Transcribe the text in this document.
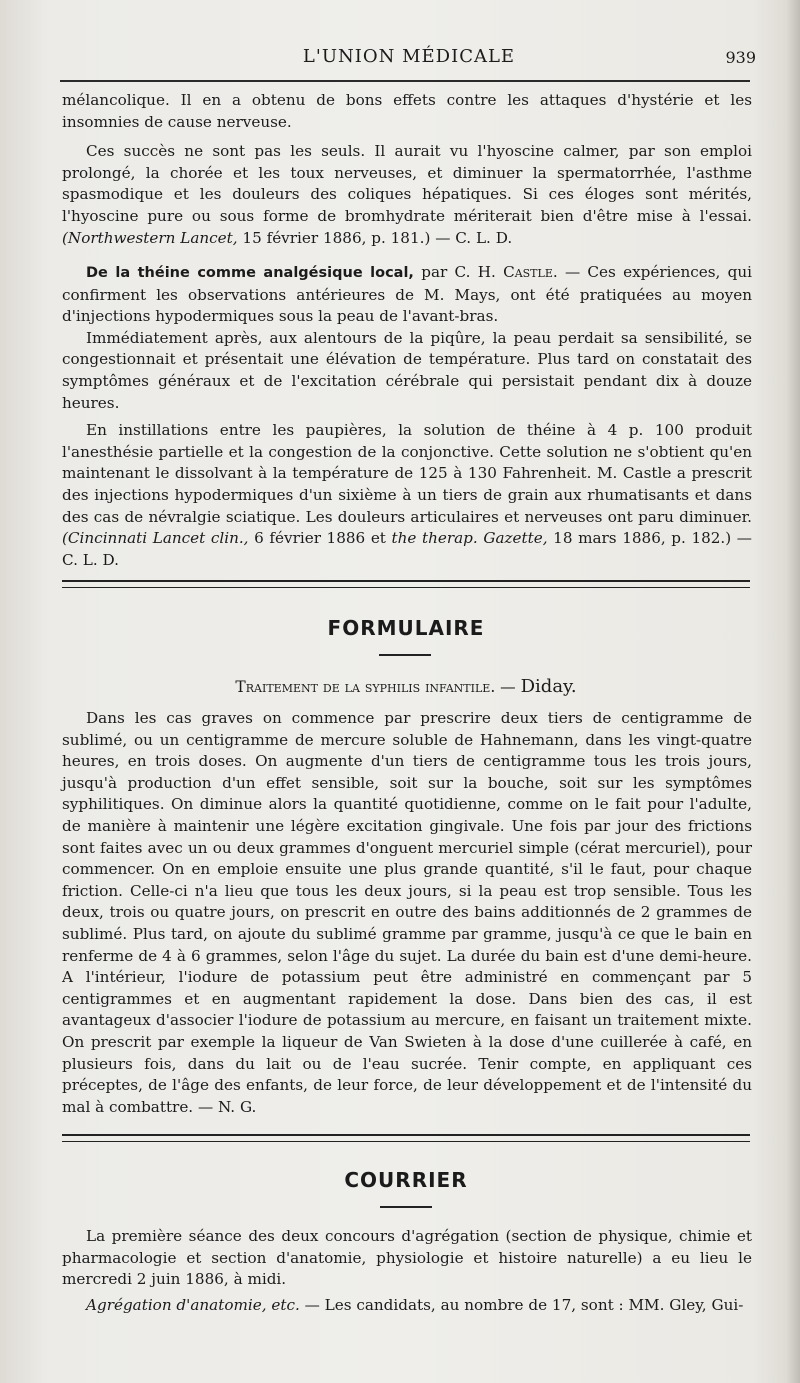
L'UNION MÉDICALE	939

mélancolique. Il en a obtenu de bons effets contre les attaques d'hystérie et les insomnies de cause nerveuse.

Ces succès ne sont pas les seuls. Il aurait vu l'hyoscine calmer, par son emploi prolongé, la chorée et les toux nerveuses, et diminuer la spermatorrhée, l'asthme spasmodique et les douleurs des coliques hépatiques. Si ces éloges sont mérités, l'hyoscine pure ou sous forme de bromhydrate mériterait bien d'être mise à l'essai. (Northwestern Lancet, 15 février 1886, p. 181.) — C. L. D.

De la théine comme analgésique local, par C. H. Castle. — Ces expériences, qui confirment les observations antérieures de M. Mays, ont été pratiquées au moyen d'injections hypodermiques sous la peau de l'avant-bras.

Immédiatement après, aux alentours de la piqûre, la peau perdait sa sensibilité, se congestionnait et présentait une élévation de température. Plus tard on constatait des symptômes généraux et de l'excitation cérébrale qui persistait pendant dix à douze heures.

En instillations entre les paupières, la solution de théine à 4 p. 100 produit l'anesthésie partielle et la congestion de la conjonctive. Cette solution ne s'obtient qu'en maintenant le dissolvant à la température de 125 à 130 Fahrenheit. M. Castle a prescrit des injections hypodermiques d'un sixième à un tiers de grain aux rhumatisants et dans des cas de névralgie sciatique. Les douleurs articulaires et nerveuses ont paru diminuer. (Cincinnati Lancet clin., 6 février 1886 et the therap. Gazette, 18 mars 1886, p. 182.) — C. L. D.

FORMULAIRE
Traitement de la syphilis infantile. — Diday.

Dans les cas graves on commence par prescrire deux tiers de centigramme de sublimé, ou un centigramme de mercure soluble de Hahnemann, dans les vingt-quatre heures, en trois doses. On augmente d'un tiers de centigramme tous les trois jours, jusqu'à production d'un effet sensible, soit sur la bouche, soit sur les symptômes syphilitiques. On diminue alors la quantité quotidienne, comme on le fait pour l'adulte, de manière à maintenir une légère excitation gingivale. Une fois par jour des frictions sont faites avec un ou deux grammes d'onguent mercuriel simple (cérat mercuriel), pour commencer. On en emploie ensuite une plus grande quantité, s'il le faut, pour chaque friction. Celle-ci n'a lieu que tous les deux jours, si la peau est trop sensible. Tous les deux, trois ou quatre jours, on prescrit en outre des bains additionnés de 2 grammes de sublimé. Plus tard, on ajoute du sublimé gramme par gramme, jusqu'à ce que le bain en renferme de 4 à 6 grammes, selon l'âge du sujet. La durée du bain est d'une demi-heure. A l'intérieur, l'iodure de potassium peut être administré en commençant par 5 centigrammes et en augmentant rapidement la dose. Dans bien des cas, il est avantageux d'associer l'iodure de potassium au mercure, en faisant un traitement mixte. On prescrit par exemple la liqueur de Van Swieten à la dose d'une cuillerée à café, en plusieurs fois, dans du lait ou de l'eau sucrée. Tenir compte, en appliquant ces préceptes, de l'âge des enfants, de leur force, de leur développement et de l'intensité du mal à combattre. — N. G.

COURRIER

La première séance des deux concours d'agrégation (section de physique, chimie et pharmacologie et section d'anatomie, physiologie et histoire naturelle) a eu lieu le mercredi 2 juin 1886, à midi.

Agrégation d'anatomie, etc. — Les candidats, au nombre de 17, sont : MM. Gley, Gui-
